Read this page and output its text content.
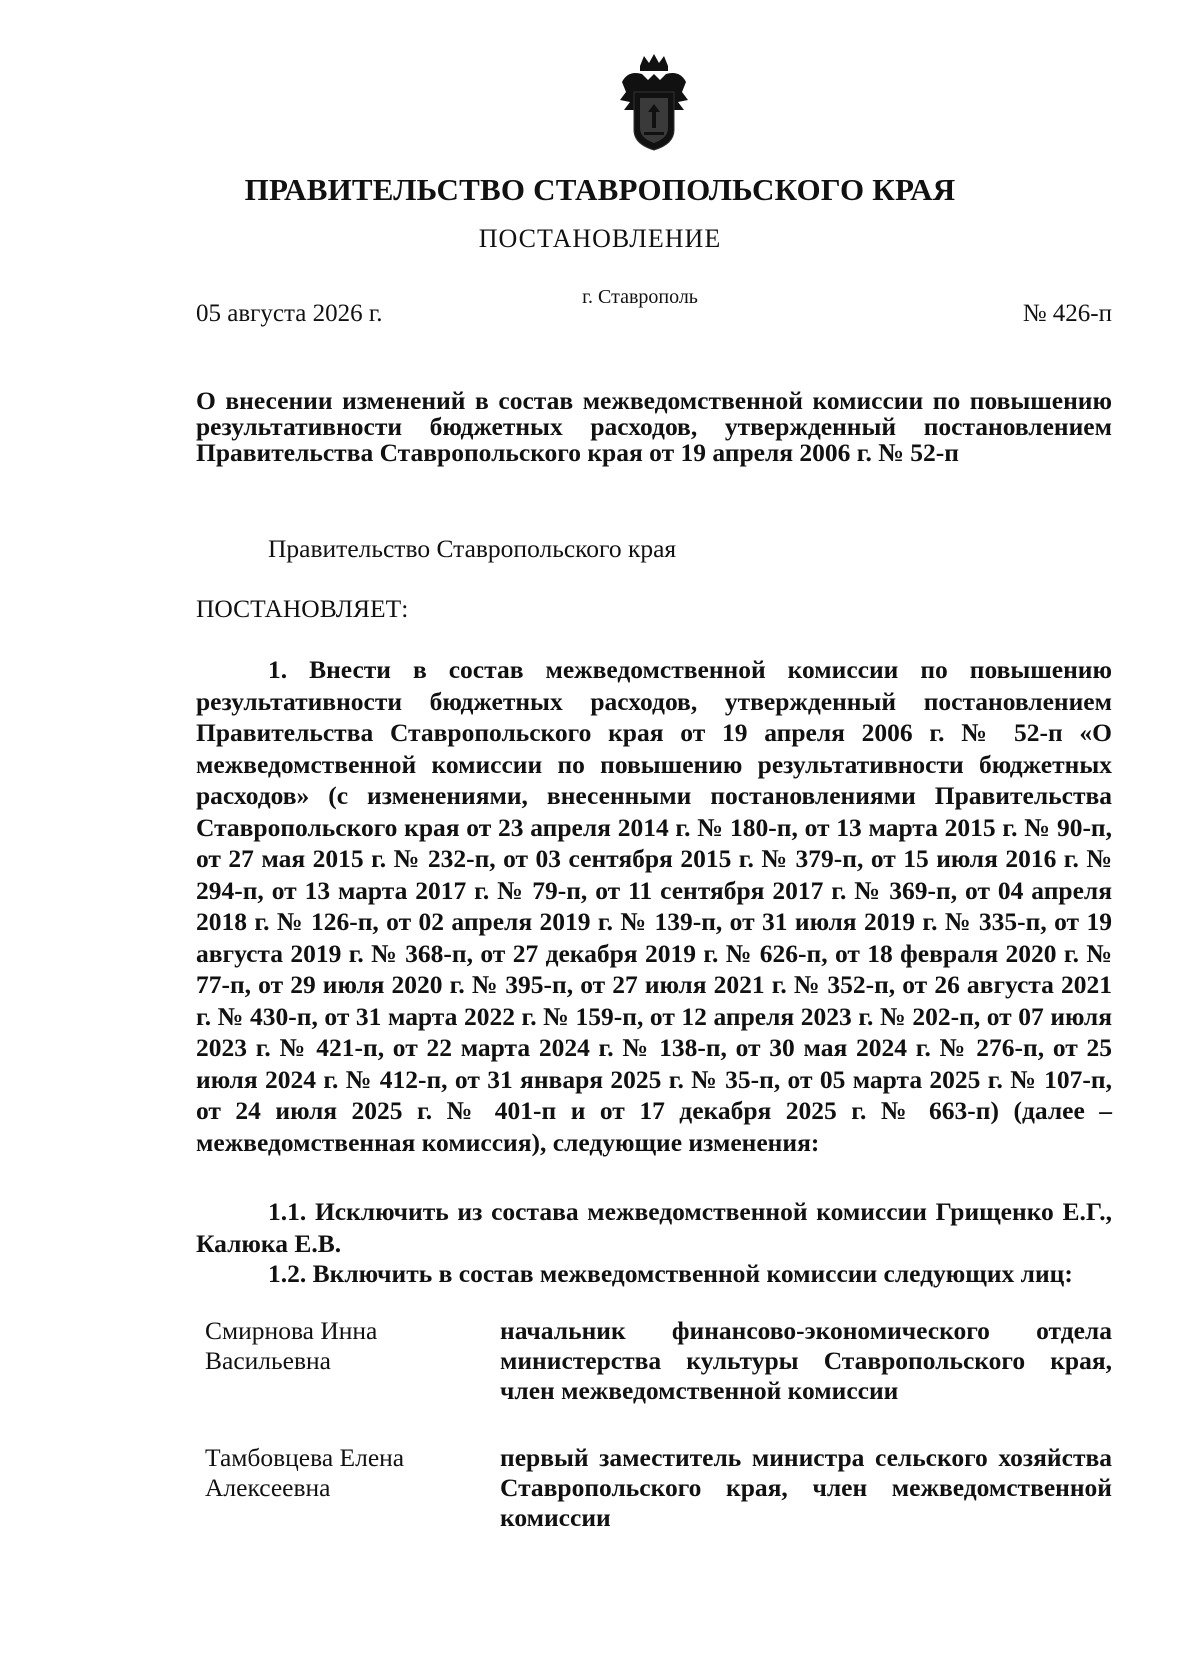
ПРАВИТЕЛЬСТВО СТАВРОПОЛЬСКОГО КРАЯ
ПОСТАНОВЛЕНИЕ
05 августа 2026 г.
г. Ставрополь
№ 426-п
О внесении изменений в состав межведомственной комиссии по повышению результативности бюджетных расходов, утвержденный постановлением Правительства Ставропольского края от 19 апреля 2006 г. № 52-п
Правительство Ставропольского края
ПОСТАНОВЛЯЕТ:
1. Внести в состав межведомственной комиссии по повышению результативности бюджетных расходов, утвержденный постановлением Правительства Ставропольского края от 19 апреля 2006 г. № 52-п «О межведомственной комиссии по повышению результативности бюджетных расходов» (с изменениями, внесенными постановлениями Правительства Ставропольского края от 23 апреля 2014 г. № 180-п, от 13 марта 2015 г. № 90-п, от 27 мая 2015 г. № 232-п, от 03 сентября 2015 г. № 379-п, от 15 июля 2016 г. № 294-п, от 13 марта 2017 г. № 79-п, от 11 сентября 2017 г. № 369-п, от 04 апреля 2018 г. № 126-п, от 02 апреля 2019 г. № 139-п, от 31 июля 2019 г. № 335-п, от 19 августа 2019 г. № 368-п, от 27 декабря 2019 г. № 626-п, от 18 февраля 2020 г. № 77-п, от 29 июля 2020 г. № 395-п, от 27 июля 2021 г. № 352-п, от 26 августа 2021 г. № 430-п, от 31 марта 2022 г. № 159-п, от 12 апреля 2023 г. № 202-п, от 07 июля 2023 г. № 421-п, от 22 марта 2024 г. № 138-п, от 30 мая 2024 г. № 276-п, от 25 июля 2024 г. № 412-п, от 31 января 2025 г. № 35-п, от 05 марта 2025 г. № 107-п, от 24 июля 2025 г. № 401-п и от 17 декабря 2025 г. № 663-п) (далее – межведомственная комиссия), следующие изменения:
1.1. Исключить из состава межведомственной комиссии Грищенко Е.Г., Калюка Е.В.
1.2. Включить в состав межведомственной комиссии следующих лиц:
Смирнова Инна Васильевна
начальник финансово-экономического отдела министерства культуры Ставропольского края, член межведомственной комиссии
Тамбовцева Елена Алексеевна
первый заместитель министра сельского хозяйства Ставропольского края, член межведомственной комиссии
